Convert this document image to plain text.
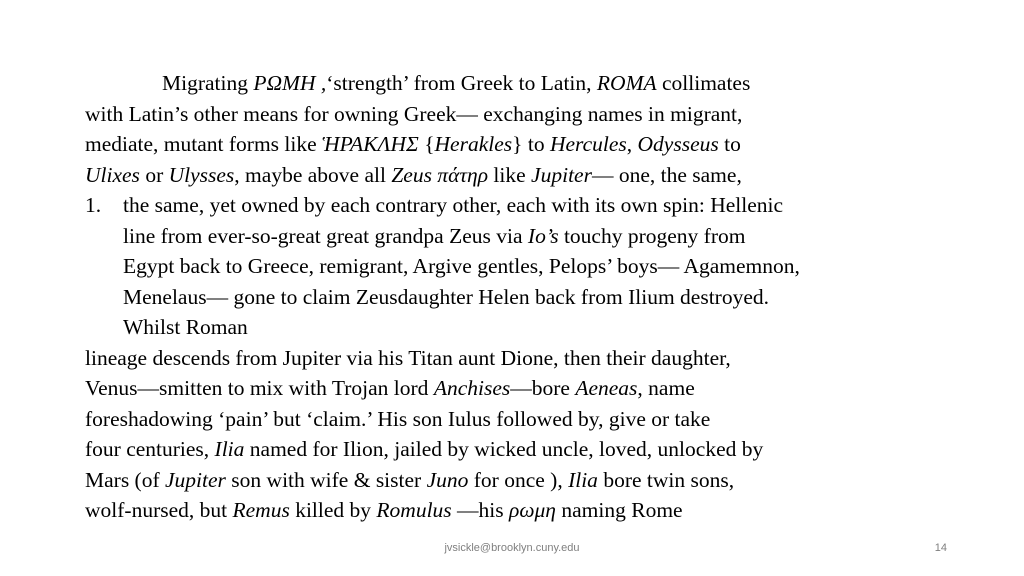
Migrating ΡΩΜΗ ,‘strength’ from Greek to Latin, ROMA collimates
with Latin’s other means for owning Greek― exchanging names in migrant,
mediate, mutant forms like ἩΡΑΚΛΗΣ {Herakles} to Hercules, Odysseus to
Ulixes or Ulysses, maybe above all Zeus πάτηρ like Jupiter— one, the same,
1. the same, yet owned by each contrary other, each with its own spin: Hellenic
line from ever-so-great great grandpa Zeus via Io’s touchy progeny from
Egypt back to Greece, remigrant, Argive gentles, Pelops’ boys— Agamemnon,
Menelaus— gone to claim Zeusdaughter Helen back from Ilium destroyed.
Whilst Roman
lineage descends from Jupiter via his Titan aunt Dione, then their daughter,
Venus—smitten to mix with Trojan lord Anchises—bore Aeneas, name
foreshadowing ‘pain’ but ‘claim.’ His son Iulus followed by, give or take
four centuries, Ilia named for Ilion, jailed by wicked uncle, loved, unlocked by
Mars (of Jupiter son with wife & sister Juno for once ), Ilia bore twin sons,
wolf-nursed, but Remus killed by Romulus —his ρωμη naming Rome
jvsickle@brooklyn.cuny.edu	14
